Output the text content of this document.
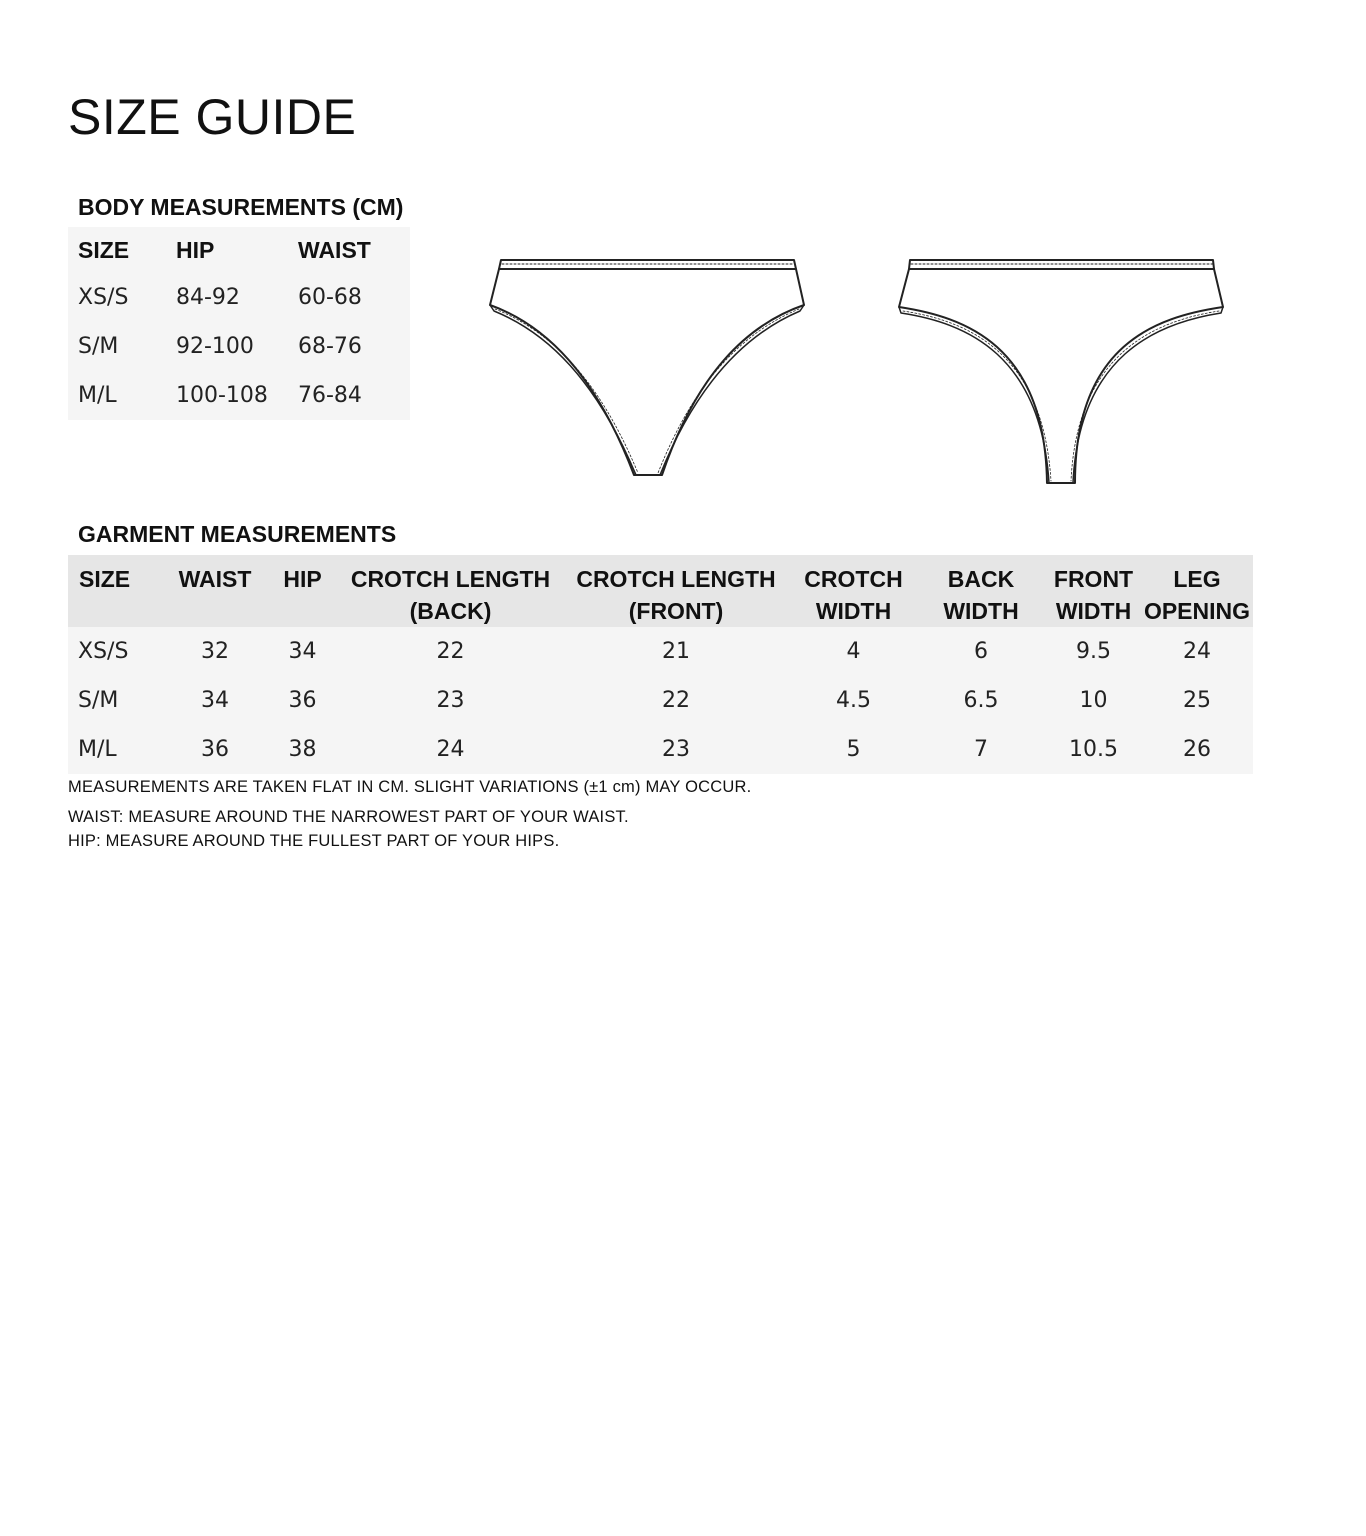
SIZE GUIDE
BODY MEASUREMENTS (CM)
SIZE	HIP	WAIST
XS/S	84-92	60-68
S/M	92-100	68-76
M/L	100-108	76-84
GARMENT MEASUREMENTS
SIZE	WAIST	HIP	CROTCH LENGTH (BACK)	CROTCH LENGTH (FRONT)	CROTCH WIDTH	BACK WIDTH	FRONT WIDTH	LEG OPENING
XS/S	32	34	22	21	4	6	9.5	24
S/M	34	36	23	22	4.5	6.5	10	25
M/L	36	38	24	23	5	7	10.5	26

MEASUREMENTS ARE TAKEN FLAT IN CM. SLIGHT VARIATIONS (±1 cm) MAY OCCUR.

WAIST: MEASURE AROUND THE NARROWEST PART OF YOUR WAIST.

HIP: MEASURE AROUND THE FULLEST PART OF YOUR HIPS.
